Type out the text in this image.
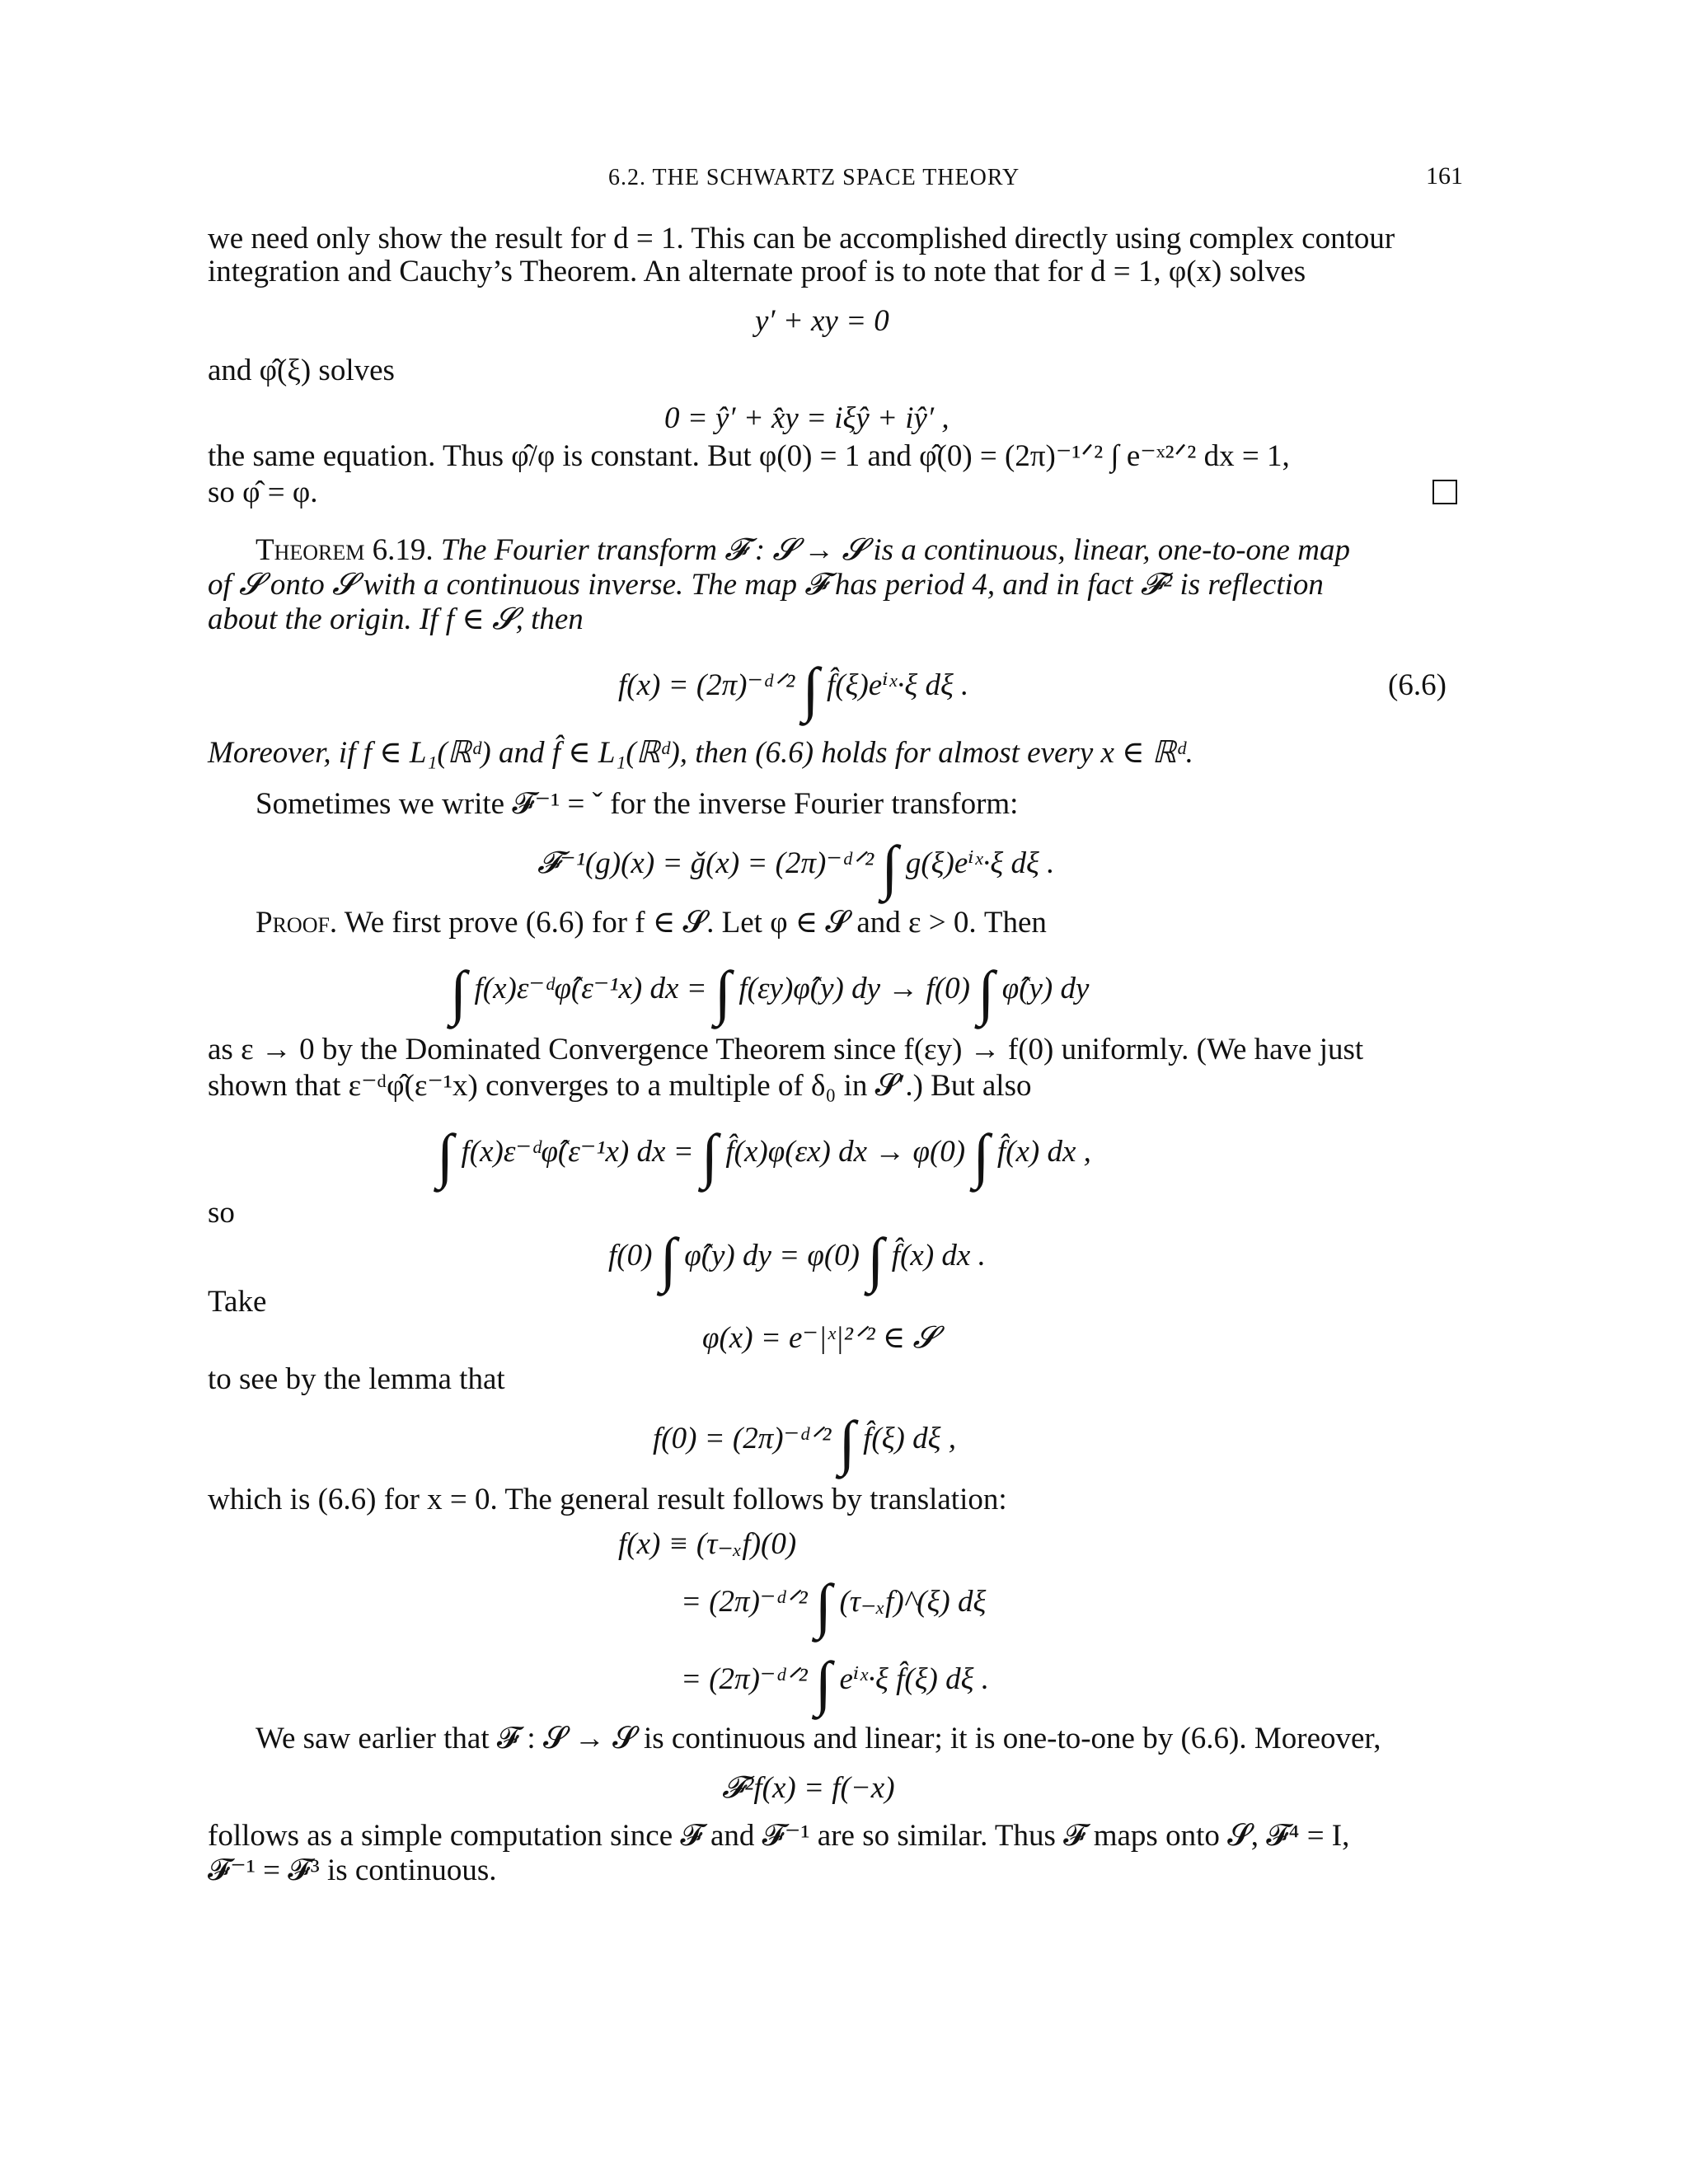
6.2. THE SCHWARTZ SPACE THEORY	161
we need only show the result for d = 1. This can be accomplished directly using complex contour
integration and Cauchy’s Theorem. An alternate proof is to note that for d = 1, φ(x) solves
y′ + xy = 0
and φ̂(ξ) solves
0 = ŷ′ + x̂y = iξŷ + iŷ′ ,
the same equation. Thus φ̂/φ is constant. But φ(0) = 1 and φ̂(0) = (2π)⁻¹ᐟ² ∫ e⁻ˣ²ᐟ² dx = 1,
so φ̂ = φ.
Theorem 6.19. The Fourier transform 𝓕 : 𝓢 → 𝓢 is a continuous, linear, one-to-one map
of 𝓢 onto 𝓢 with a continuous inverse. The map 𝓕 has period 4, and in fact 𝓕² is reflection
about the origin. If f ∈ 𝓢, then
f(x) = (2π)⁻ᵈᐟ² ∫ f̂(ξ)eⁱˣ·ξ dξ .	(6.6)
Moreover, if f ∈ L₁(ℝᵈ) and f̂ ∈ L₁(ℝᵈ), then (6.6) holds for almost every x ∈ ℝᵈ.
Sometimes we write 𝓕⁻¹ = ˇ for the inverse Fourier transform:
𝓕⁻¹(g)(x) = ǧ(x) = (2π)⁻ᵈᐟ² ∫ g(ξ)eⁱˣ·ξ dξ .
Proof. We first prove (6.6) for f ∈ 𝓢. Let φ ∈ 𝓢 and ε > 0. Then
∫ f(x)ε⁻ᵈφ̂(ε⁻¹x) dx = ∫ f(εy)φ̂(y) dy → f(0) ∫ φ̂(y) dy
as ε → 0 by the Dominated Convergence Theorem since f(εy) → f(0) uniformly. (We have just
shown that ε⁻ᵈφ̂(ε⁻¹x) converges to a multiple of δ₀ in 𝓢′.) But also
∫ f(x)ε⁻ᵈφ̂(ε⁻¹x) dx = ∫ f̂(x)φ(εx) dx → φ(0) ∫ f̂(x) dx ,
so
f(0) ∫ φ̂(y) dy = φ(0) ∫ f̂(x) dx .
Take
φ(x) = e⁻|ˣ|²ᐟ² ∈ 𝓢
to see by the lemma that
f(0) = (2π)⁻ᵈᐟ² ∫ f̂(ξ) dξ ,
which is (6.6) for x = 0. The general result follows by translation:
f(x) ≡ (τ₋ₓf)(0)
= (2π)⁻ᵈᐟ² ∫ (τ₋ₓf)^(ξ) dξ
= (2π)⁻ᵈᐟ² ∫ eⁱˣ·ξ f̂(ξ) dξ .
We saw earlier that 𝓕 : 𝓢 → 𝓢 is continuous and linear; it is one-to-one by (6.6). Moreover,
𝓕²f(x) = f(−x)
follows as a simple computation since 𝓕 and 𝓕⁻¹ are so similar. Thus 𝓕 maps onto 𝓢, 𝓕⁴ = I,
𝓕⁻¹ = 𝓕³ is continuous.
